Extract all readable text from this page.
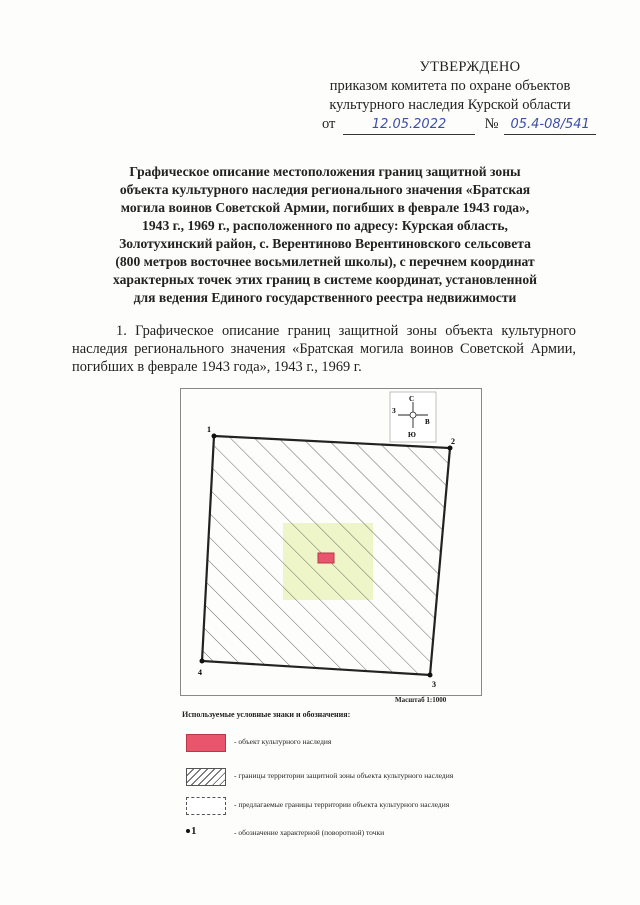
УТВЕРЖДЕНО
приказом комитета по охране объектов
культурного наследия Курской области
от	12.05.2022	№ 05.4-08/541
Графическое описание местоположения границ защитной зоны
объекта культурного наследия регионального значения «Братская
могила воинов Советской Армии, погибших в феврале 1943 года»,
1943 г., 1969 г., расположенного по адресу: Курская область,
Золотухинский район, с. Верентиново Верентиновского сельсовета
(800 метров восточнее восьмилетней школы), с перечнем координат
характерных точек этих границ в системе координат, установленной
для ведения Единого государственного реестра недвижимости

1. Графическое описание границ защитной зоны объекта культурного наследия регионального значения «Братская могила воинов Советской Армии, погибших в феврале 1943 года», 1943 г., 1969 г.

1
2
3
4
С
Ю
В
З
Масштаб 1:1000
Используемые условные знаки и обозначения:
- объект культурного наследия
- границы территории защитной зоны объекта культурного наследия
- предлагаемые границы территории объекта культурного наследия
1	- обозначение характерной (поворотной) точки
